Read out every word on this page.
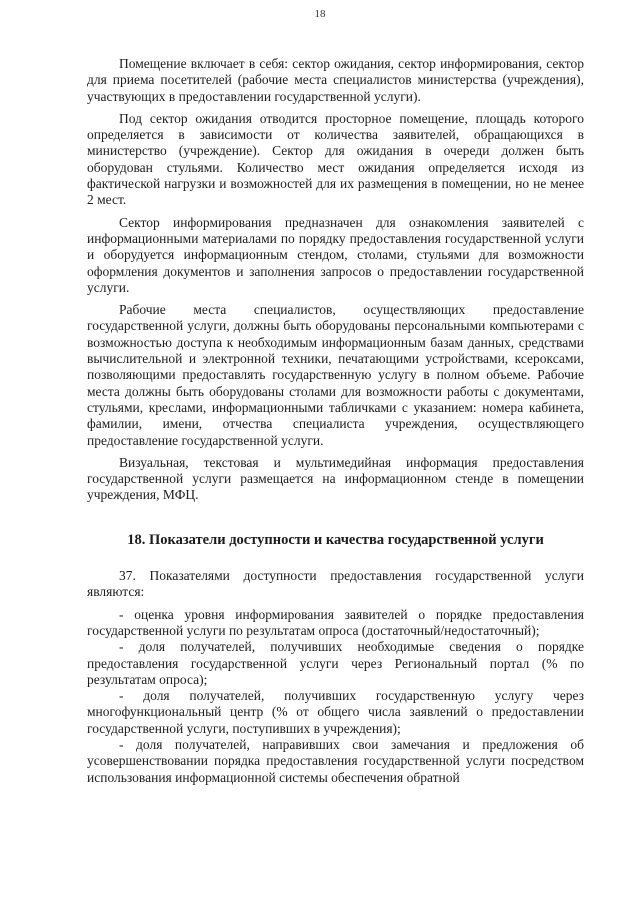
18

Помещение включает в себя: сектор ожидания, сектор информирования, сектор для приема посетителей (рабочие места специалистов министерства (учреждения), участвующих в предоставлении государственной услуги).

Под сектор ожидания отводится просторное помещение, площадь которого определяется в зависимости от количества заявителей, обращающихся в министерство (учреждение). Сектор для ожидания в очереди должен быть оборудован стульями. Количество мест ожидания определяется исходя из фактической нагрузки и возможностей для их размещения в помещении, но не менее 2 мест.

Сектор информирования предназначен для ознакомления заявителей с информационными материалами по порядку предоставления государственной услуги и оборудуется информационным стендом, столами, стульями для возможности оформления документов и заполнения запросов о предоставлении государственной услуги.

Рабочие места специалистов, осуществляющих предоставление государственной услуги, должны быть оборудованы персональными компьютерами с возможностью доступа к необходимым информационным базам данных, средствами вычислительной и электронной техники, печатающими устройствами, ксероксами, позволяющими предоставлять государственную услугу в полном объеме. Рабочие места должны быть оборудованы столами для возможности работы с документами, стульями, креслами, информационными табличками с указанием: номера кабинета, фамилии, имени, отчества специалиста учреждения, осуществляющего предоставление государственной услуги.

Визуальная, текстовая и мультимедийная информация предоставления государственной услуги размещается на информационном стенде в помещении учреждения, МФЦ.

18. Показатели доступности и качества государственной услуги

37. Показателями доступности предоставления государственной услуги являются:

- оценка уровня информирования заявителей о порядке предоставления государственной услуги по результатам опроса (достаточный/недостаточный);

- доля получателей, получивших необходимые сведения о порядке предоставления государственной услуги через Региональный портал (% по результатам опроса);

- доля получателей, получивших государственную услугу через многофункциональный центр (% от общего числа заявлений о предоставлении государственной услуги, поступивших в учреждения);

- доля получателей, направивших свои замечания и предложения об усовершенствовании порядка предоставления государственной услуги посредством использования информационной системы обеспечения обратной
